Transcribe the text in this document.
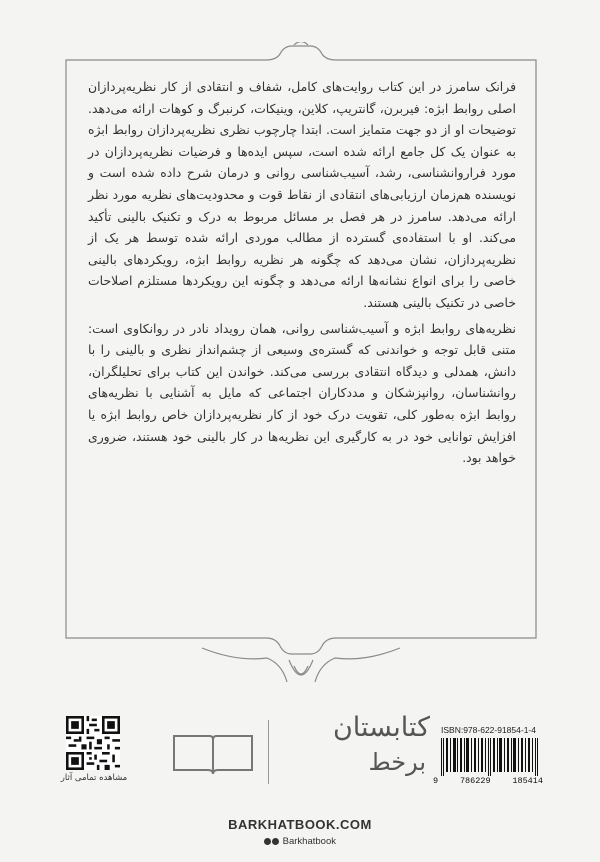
فرانک سامرز در این کتاب روایت‌های کامل، شفاف و انتقادی از کار نظریه‌پردازان اصلی روابط ابژه: فیربرن، گانتریپ، کلاین، وینیکات، کرنبرگ و کوهات ارائه می‌دهد. توضیحات او از دو جهت متمایز است. ابتدا چارچوب نظری نظریه‌پردازان روابط ابژه به عنوان یک کل جامع ارائه شده است، سپس ایده‌ها و فرضیات نظریه‌پردازان در مورد فراروانشناسی، رشد، آسیب‌شناسی روانی و درمان شرح داده شده است و نویسنده هم‌زمان ارزیابی‌های انتقادی از نقاط قوت و محدودیت‌های نظریه مورد نظر ارائه می‌دهد. سامرز در هر فصل بر مسائل مربوط به درک و تکنیک بالینی تأکید می‌کند. او با استفاده‌ی گسترده از مطالب موردی ارائه شده توسط هر یک از نظریه‌پردازان، نشان می‌دهد که چگونه هر نظریه روابط ابژه، رویکردهای بالینی خاصی را برای انواع نشانه‌ها ارائه می‌دهد و چگونه این رویکردها مستلزم اصلاحات خاصی در تکنیک بالینی هستند.

نظریه‌های روابط ابژه و آسیب‌شناسی روانی، همان رویداد نادر در روانکاوی است: متنی قابل توجه و خواندنی که گستره‌ی وسیعی از چشم‌انداز نظری و بالینی را با دانش، همدلی و دیدگاه انتقادی بررسی می‌کند. خواندن این کتاب برای تحلیلگران، روانشناسان، روانپزشکان و مددکاران اجتماعی که مایل به آشنایی با نظریه‌های روابط ابژه به‌طور کلی، تقویت درک خود از کار نظریه‌پردازان خاص روابط ابژه یا افزایش توانایی خود در به کارگیری این نظریه‌ها در کار بالینی خود هستند، ضروری خواهد بود.

مشاهده تمامی آثار
کتابستان
برخط
ISBN:978-622-91854-1-4
9	786229	185414
BARKHATBOOK.COM
Barkhatbook
